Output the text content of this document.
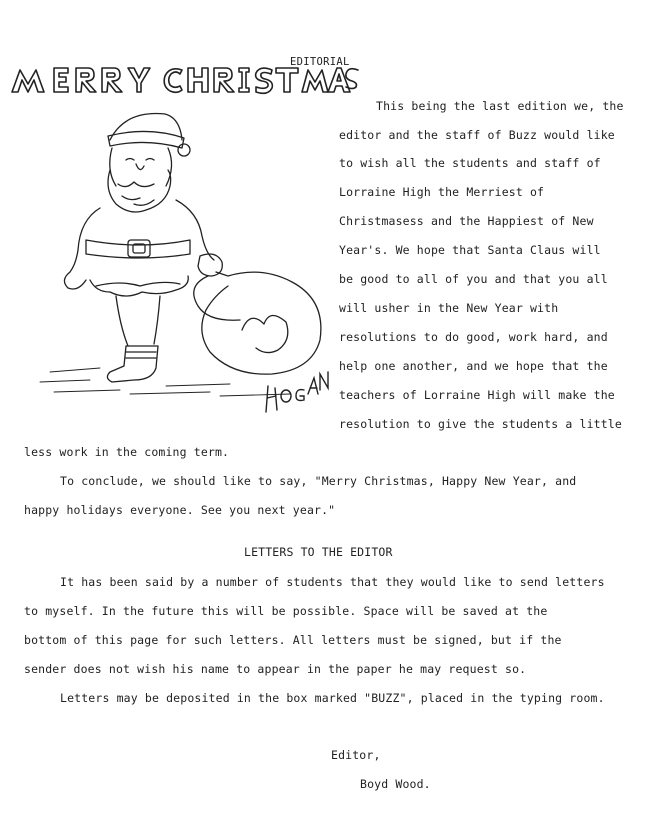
EDITORIAL
This being the last edition we, the
editor and the staff of Buzz would like
to wish all the students and staff of
Lorraine High the Merriest of
Christmasess and the Happiest of New
Year's. We hope that Santa Claus will
be good to all of you and that you all
will usher in the New Year with
resolutions to do good, work hard, and
help one another, and we hope that the
teachers of Lorraine High will make the
resolution to give the students a little
less work in the coming term.
To conclude, we should like to say, "Merry Christmas, Happy New Year, and
happy holidays everyone. See you next year."
LETTERS TO THE EDITOR
It has been said by a number of students that they would like to send letters
to myself. In the future this will be possible. Space will be saved at the
bottom of this page for such letters. All letters must be signed, but if the
sender does not wish his name to appear in the paper he may request so.
Letters may be deposited in the box marked "BUZZ", placed in the typing room.
Editor,
Boyd Wood.
